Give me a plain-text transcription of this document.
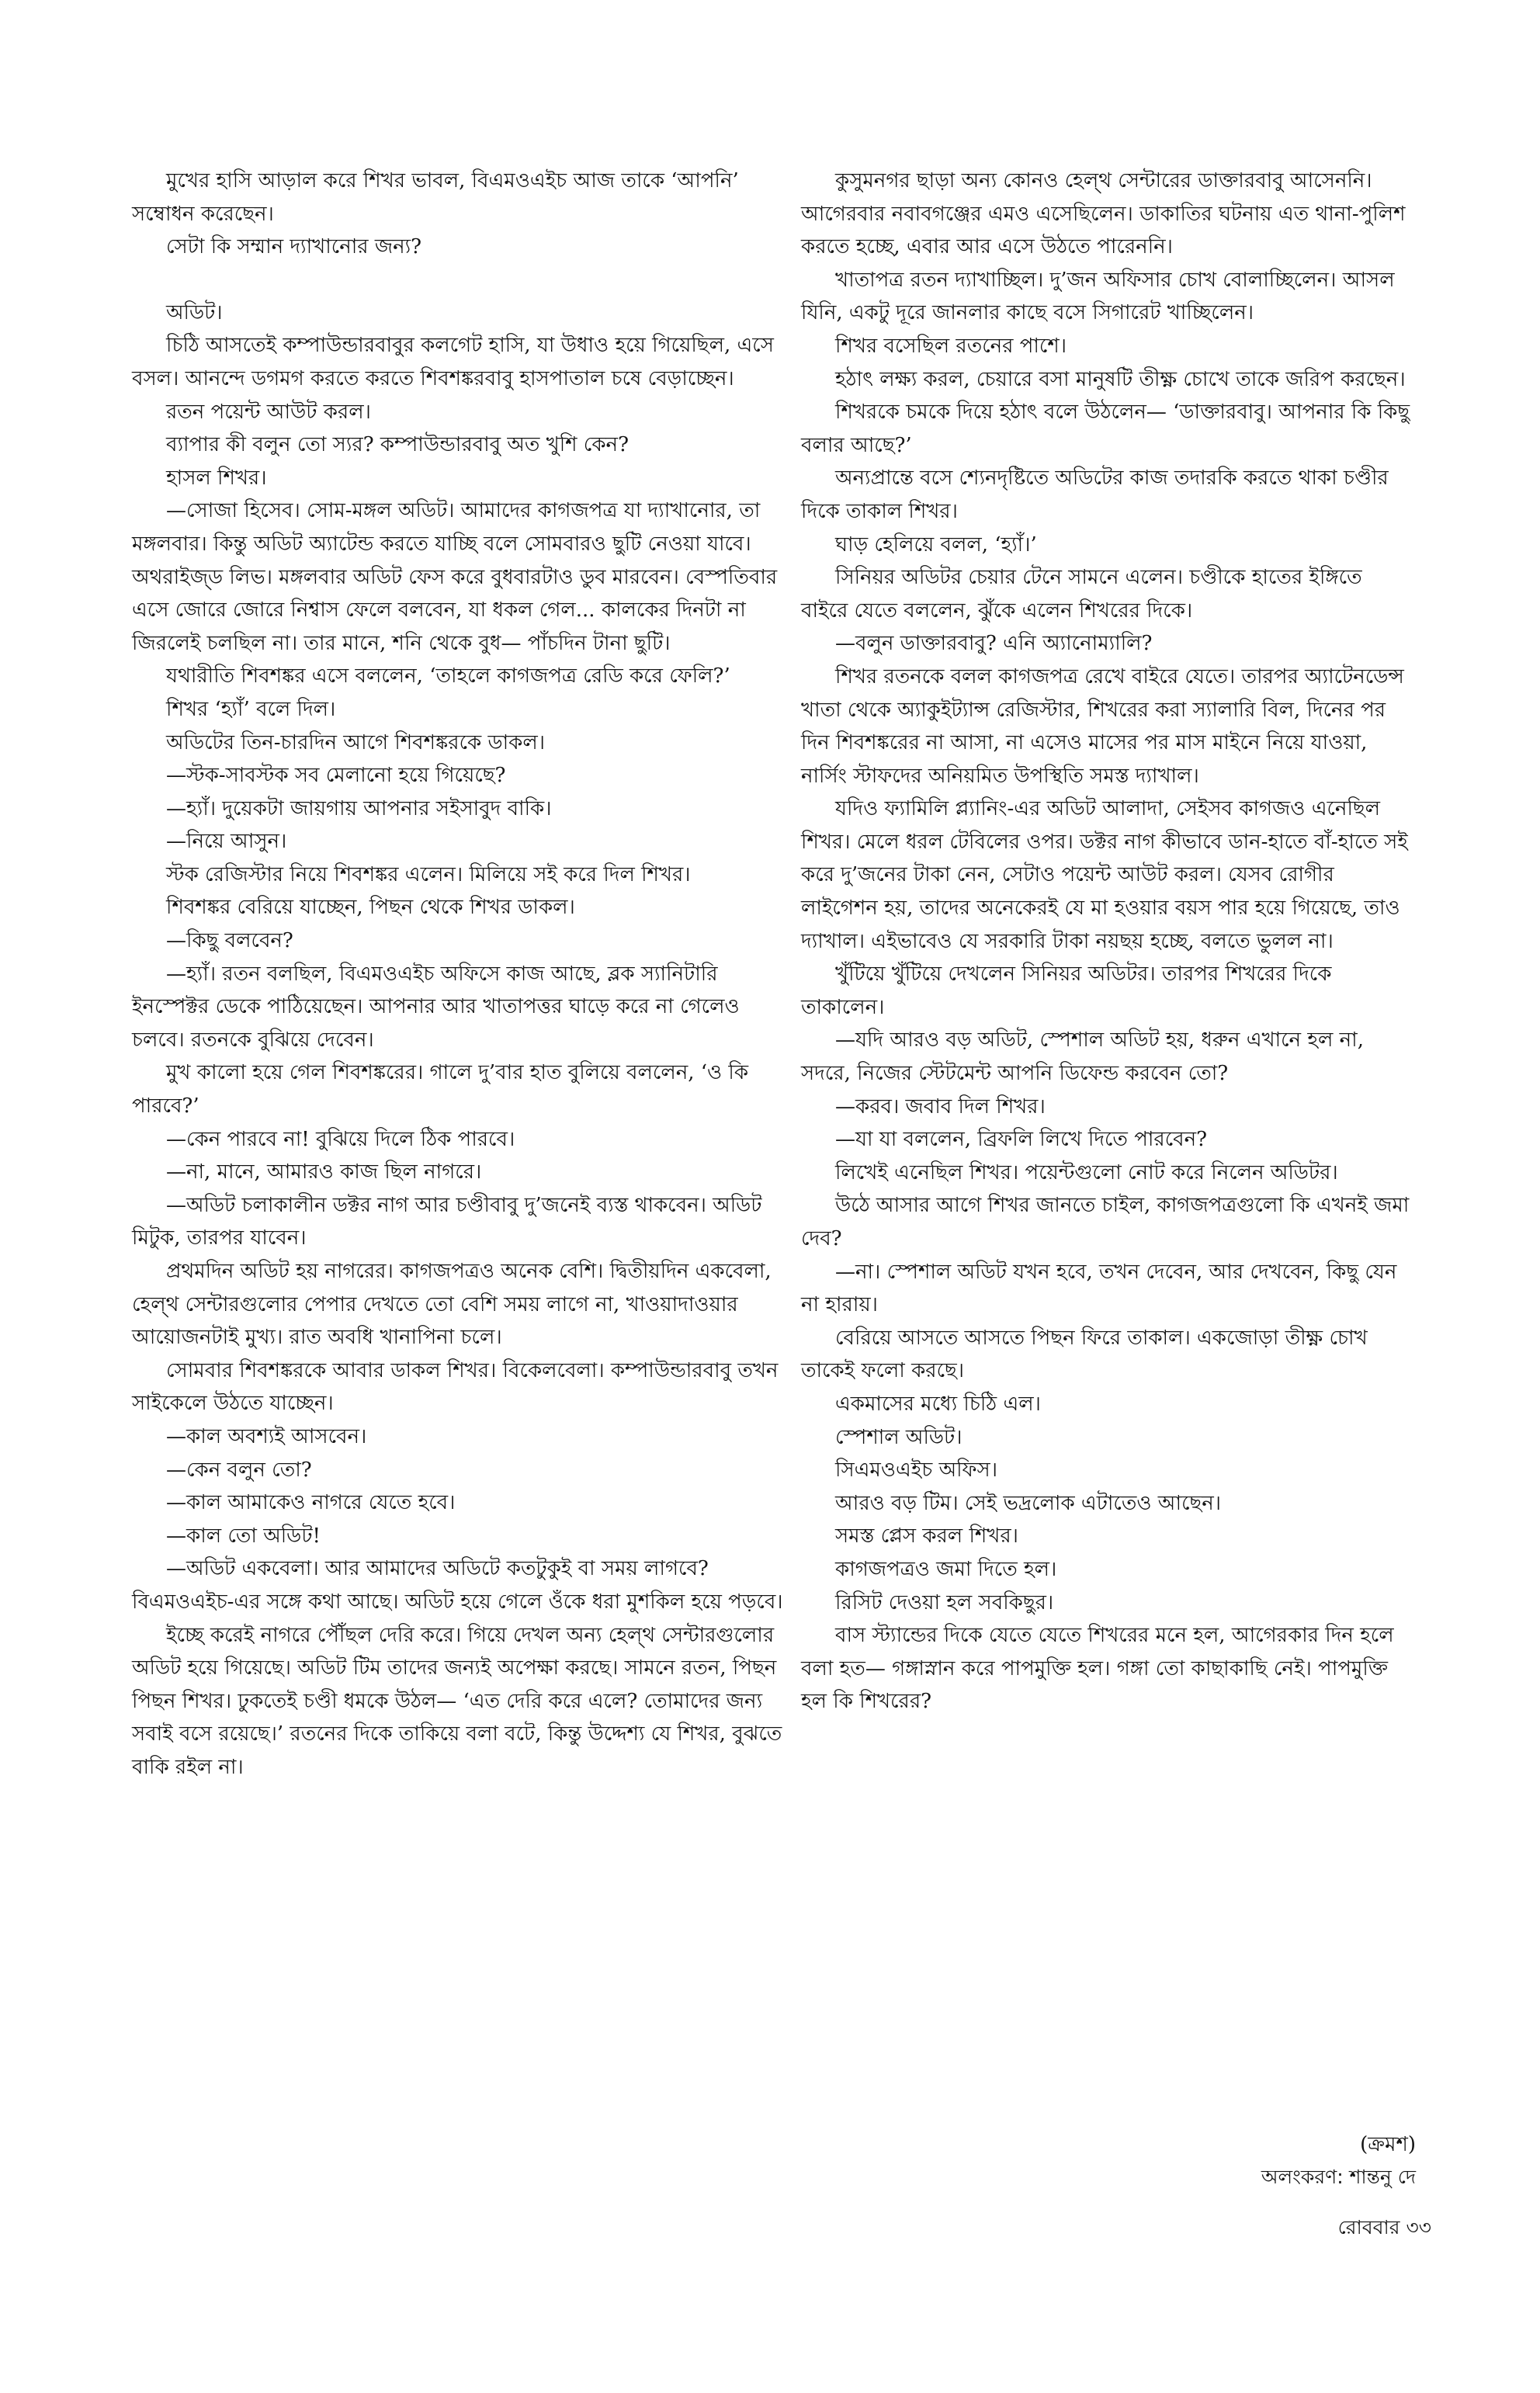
মুখের হাসি আড়াল করে শিখর ভাবল, বিএমওএইচ আজ তাকে ‘আপনি’ সম্বোধন করেছেন।

সেটা কি সম্মান দ্যাখানোর জন্য?

অডিট।

চিঠি আসতেই কম্পাউন্ডারবাবুর কলগেট হাসি, যা উধাও হয়ে গিয়েছিল, এসে বসল। আনন্দে ডগমগ করতে করতে শিবশঙ্করবাবু হাসপাতাল চষে বেড়াচ্ছেন।

রতন পয়েন্ট আউট করল।

ব্যাপার কী বলুন তো স্যর? কম্পাউন্ডারবাবু অত খুশি কেন?

হাসল শিখর।

—সোজা হিসেব। সোম-মঙ্গল অডিট। আমাদের কাগজপত্র যা দ্যাখানোর, তা মঙ্গলবার। কিন্তু অডিট অ্যাটেন্ড করতে যাচ্ছি বলে সোমবারও ছুটি নেওয়া যাবে। অথরাইজ্‌ড লিভ। মঙ্গলবার অডিট ফেস করে বুধবারটাও ডুব মারবেন। বেস্পতিবার এসে জোরে জোরে নিশ্বাস ফেলে বলবেন, যা ধকল গেল... কালকের দিনটা না জিরলেই চলছিল না। তার মানে, শনি থেকে বুধ— পাঁচদিন টানা ছুটি।

যথারীতি শিবশঙ্কর এসে বললেন, ‘তাহলে কাগজপত্র রেডি করে ফেলি?’

শিখর ‘হ্যাঁ’ বলে দিল।

অডিটের তিন-চারদিন আগে শিবশঙ্করকে ডাকল।

—স্টক-সাবস্টক সব মেলানো হয়ে গিয়েছে?

—হ্যাঁ। দুয়েকটা জায়গায় আপনার সইসাবুদ বাকি।

—নিয়ে আসুন।

স্টক রেজিস্টার নিয়ে শিবশঙ্কর এলেন। মিলিয়ে সই করে দিল শিখর।

শিবশঙ্কর বেরিয়ে যাচ্ছেন, পিছন থেকে শিখর ডাকল।

—কিছু বলবেন?

—হ্যাঁ। রতন বলছিল, বিএমওএইচ অফিসে কাজ আছে, ব্লক স্যানিটারি ইনস্পেক্টর ডেকে পাঠিয়েছেন। আপনার আর খাতাপত্তর ঘাড়ে করে না গেলেও চলবে। রতনকে বুঝিয়ে দেবেন।

মুখ কালো হয়ে গেল শিবশঙ্করের। গালে দু’বার হাত বুলিয়ে বললেন, ‘ও কি পারবে?’

—কেন পারবে না! বুঝিয়ে দিলে ঠিক পারবে।

—না, মানে, আমারও কাজ ছিল নাগরে।

—অডিট চলাকালীন ডক্টর নাগ আর চণ্ডীবাবু দু’জনেই ব্যস্ত থাকবেন। অডিট মিটুক, তারপর যাবেন।

প্রথমদিন অডিট হয় নাগরের। কাগজপত্রও অনেক বেশি। দ্বিতীয়দিন একবেলা, হেল্‌থ সেন্টারগুলোর পেপার দেখতে তো বেশি সময় লাগে না, খাওয়াদাওয়ার আয়োজনটাই মুখ্য। রাত অবধি খানাপিনা চলে।

সোমবার শিবশঙ্করকে আবার ডাকল শিখর। বিকেলবেলা। কম্পাউন্ডারবাবু তখন সাইকেলে উঠতে যাচ্ছেন।

—কাল অবশ্যই আসবেন।

—কেন বলুন তো?

—কাল আমাকেও নাগরে যেতে হবে।

—কাল তো অডিট!

—অডিট একবেলা। আর আমাদের অডিটে কতটুকুই বা সময় লাগবে? বিএমওএইচ-এর সঙ্গে কথা আছে। অডিট হয়ে গেলে ওঁকে ধরা মুশকিল হয়ে পড়বে।

ইচ্ছে করেই নাগরে পৌঁছল দেরি করে। গিয়ে দেখল অন্য হেল্‌থ সেন্টারগুলোর অডিট হয়ে গিয়েছে। অডিট টিম তাদের জন্যই অপেক্ষা করছে। সামনে রতন, পিছন পিছন শিখর। ঢুকতেই চণ্ডী ধমকে উঠল— ‘এত দেরি করে এলে? তোমাদের জন্য সবাই বসে রয়েছে।’ রতনের দিকে তাকিয়ে বলা বটে, কিন্তু উদ্দেশ্য যে শিখর, বুঝতে বাকি রইল না।

কুসুমনগর ছাড়া অন্য কোনও হেল্‌থ সেন্টারের ডাক্তারবাবু আসেননি। আগেরবার নবাবগঞ্জের এমও এসেছিলেন। ডাকাতির ঘটনায় এত থানা-পুলিশ করতে হচ্ছে, এবার আর এসে উঠতে পারেননি।

খাতাপত্র রতন দ্যাখাচ্ছিল। দু’জন অফিসার চোখ বোলাচ্ছিলেন। আসল যিনি, একটু দূরে জানলার কাছে বসে সিগারেট খাচ্ছিলেন।

শিখর বসেছিল রতনের পাশে।

হঠাৎ লক্ষ্য করল, চেয়ারে বসা মানুষটি তীক্ষ্ণ চোখে তাকে জরিপ করছেন।

শিখরকে চমকে দিয়ে হঠাৎ বলে উঠলেন— ‘ডাক্তারবাবু। আপনার কি কিছু বলার আছে?’

অন্যপ্রান্তে বসে শ্যেনদৃষ্টিতে অডিটের কাজ তদারকি করতে থাকা চণ্ডীর দিকে তাকাল শিখর।

ঘাড় হেলিয়ে বলল, ‘হ্যাঁ।’

সিনিয়র অডিটর চেয়ার টেনে সামনে এলেন। চণ্ডীকে হাতের ইঙ্গিতে বাইরে যেতে বললেন, ঝুঁকে এলেন শিখরের দিকে।

—বলুন ডাক্তারবাবু? এনি অ্যানোম্যালি?

শিখর রতনকে বলল কাগজপত্র রেখে বাইরে যেতে। তারপর অ্যাটেনডেন্স খাতা থেকে অ্যাকুইট্যান্স রেজিস্টার, শিখরের করা স্যালারি বিল, দিনের পর দিন শিবশঙ্করের না আসা, না এসেও মাসের পর মাস মাইনে নিয়ে যাওয়া, নার্সিং স্টাফদের অনিয়মিত উপস্থিতি সমস্ত দ্যাখাল।

যদিও ফ্যামিলি প্ল্যানিং-এর অডিট আলাদা, সেইসব কাগজও এনেছিল শিখর। মেলে ধরল টেবিলের ওপর। ডক্টর নাগ কীভাবে ডান-হাতে বাঁ-হাতে সই করে দু’জনের টাকা নেন, সেটাও পয়েন্ট আউট করল। যেসব রোগীর লাইগেশন হয়, তাদের অনেকেরই যে মা হওয়ার বয়স পার হয়ে গিয়েছে, তাও দ্যাখাল। এইভাবেও যে সরকারি টাকা নয়ছয় হচ্ছে, বলতে ভুলল না।

খুঁটিয়ে খুঁটিয়ে দেখলেন সিনিয়র অডিটর। তারপর শিখরের দিকে তাকালেন।

—যদি আরও বড় অডিট, স্পেশাল অডিট হয়, ধরুন এখানে হল না, সদরে, নিজের স্টেটমেন্ট আপনি ডিফেন্ড করবেন তো?

—করব। জবাব দিল শিখর।

—যা যা বললেন, ব্রিফলি লিখে দিতে পারবেন?

লিখেই এনেছিল শিখর। পয়েন্টগুলো নোট করে নিলেন অডিটর।

উঠে আসার আগে শিখর জানতে চাইল, কাগজপত্রগুলো কি এখনই জমা দেব?

—না। স্পেশাল অডিট যখন হবে, তখন দেবেন, আর দেখবেন, কিছু যেন না হারায়।

বেরিয়ে আসতে আসতে পিছন ফিরে তাকাল। একজোড়া তীক্ষ্ণ চোখ তাকেই ফলো করছে।

একমাসের মধ্যে চিঠি এল।

স্পেশাল অডিট।

সিএমওএইচ অফিস।

আরও বড় টিম। সেই ভদ্রলোক এটাতেও আছেন।

সমস্ত প্লেস করল শিখর।

কাগজপত্রও জমা দিতে হল।

রিসিট দেওয়া হল সবকিছুর।

বাস স্ট্যান্ডের দিকে যেতে যেতে শিখরের মনে হল, আগেরকার দিন হলে বলা হত— গঙ্গাস্নান করে পাপমুক্তি হল। গঙ্গা তো কাছাকাছি নেই। পাপমুক্তি হল কি শিখরের?

(ক্রমশ)
অলংকরণ: শান্তনু দে
রোববার ৩৩
